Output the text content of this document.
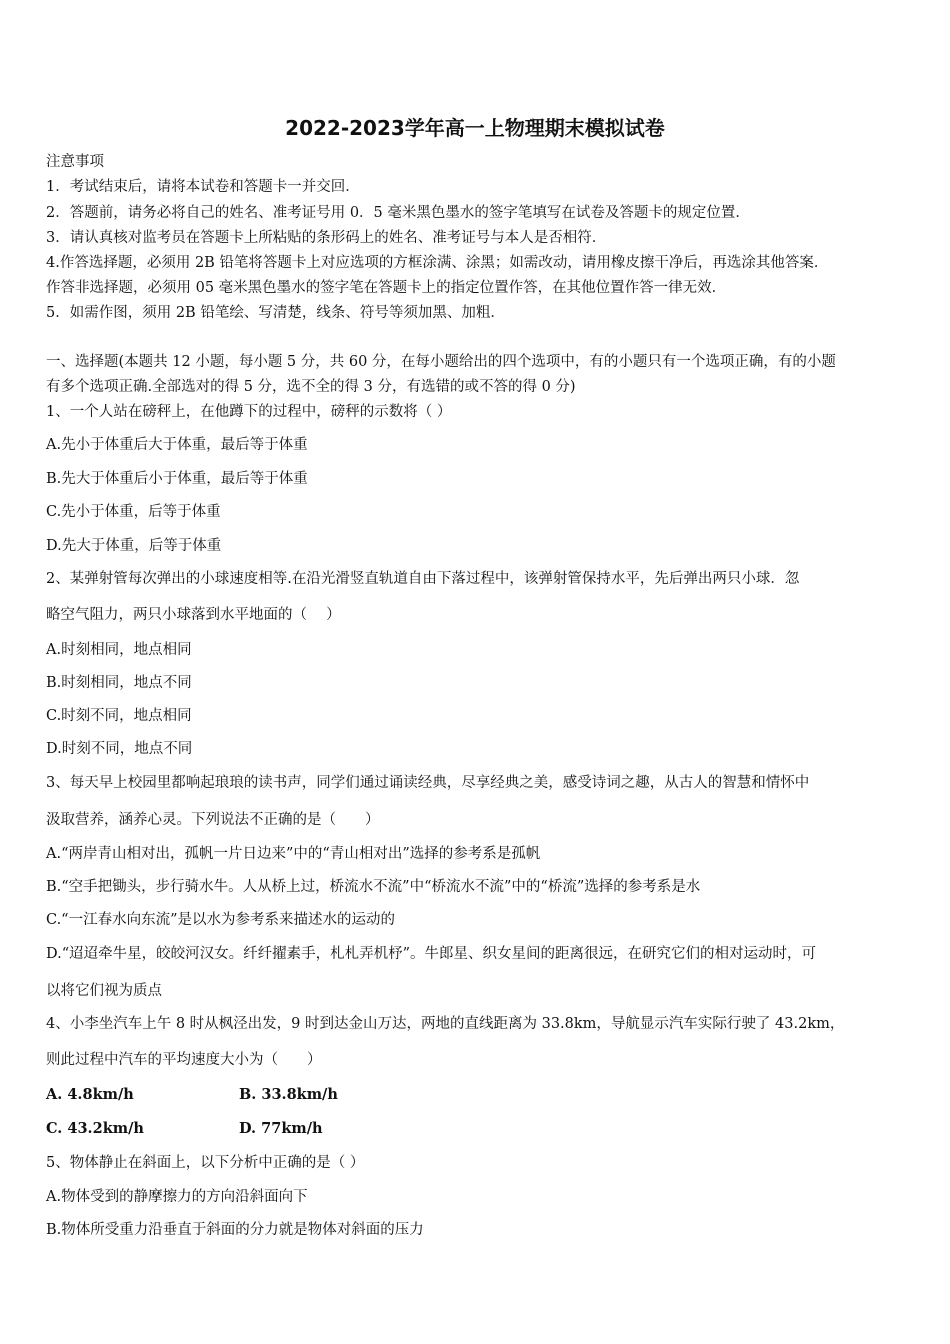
2022-2023学年高一上物理期末模拟试卷
注意事项
1．考试结束后，请将本试卷和答题卡一并交回．
2．答题前，请务必将自己的姓名、准考证号用 0．5 毫米黑色墨水的签字笔填写在试卷及答题卡的规定位置．
3．请认真核对监考员在答题卡上所粘贴的条形码上的姓名、准考证号与本人是否相符．
4.作答选择题，必须用 2B 铅笔将答题卡上对应选项的方框涂满、涂黑；如需改动，请用橡皮擦干净后，再选涂其他答案．
作答非选择题，必须用 05 毫米黑色墨水的签字笔在答题卡上的指定位置作答，在其他位置作答一律无效．
5．如需作图，须用 2B 铅笔绘、写清楚，线条、符号等须加黑、加粗．
一、选择题(本题共 12 小题，每小题 5 分，共 60 分，在每小题给出的四个选项中，有的小题只有一个选项正确，有的小题
有多个选项正确.全部选对的得 5 分，选不全的得 3 分，有选错的或不答的得 0 分)
1、一个人站在磅秤上，在他蹲下的过程中，磅秤的示数将（ ）
A.先小于体重后大于体重，最后等于体重
B.先大于体重后小于体重，最后等于体重
C.先小于体重，后等于体重
D.先大于体重，后等于体重
2、某弹射管每次弹出的小球速度相等.在沿光滑竖直轨道自由下落过程中，该弹射管保持水平，先后弹出两只小球．忽
略空气阻力，两只小球落到水平地面的（　 ）
A.时刻相同，地点相同
B.时刻相同，地点不同
C.时刻不同，地点相同
D.时刻不同，地点不同
3、每天早上校园里都响起琅琅的读书声，同学们通过诵读经典，尽享经典之美，感受诗词之趣，从古人的智慧和情怀中
汲取营养，涵养心灵。下列说法不正确的是（　　）
A.“两岸青山相对出，孤帆一片日边来”中的“青山相对出”选择的参考系是孤帆
B.“空手把锄头，步行骑水牛。人从桥上过，桥流水不流”中“桥流水不流”中的“桥流”选择的参考系是水
C.“一江春水向东流”是以水为参考系来描述水的运动的
D.“迢迢牵牛星，皎皎河汉女。纤纤擢素手，札札弄机杼”。牛郎星、织女星间的距离很远，在研究它们的相对运动时，可
以将它们视为质点
4、小李坐汽车上午 8 时从枫泾出发，9 时到达金山万达，两地的直线距离为 33.8km，导航显示汽车实际行驶了 43.2km，
则此过程中汽车的平均速度大小为（　　）
A. 4.8km/h	B. 33.8km/h
C. 43.2km/h	D. 77km/h
5、物体静止在斜面上，以下分析中正确的是（ ）
A.物体受到的静摩擦力的方向沿斜面向下
B.物体所受重力沿垂直于斜面的分力就是物体对斜面的压力
